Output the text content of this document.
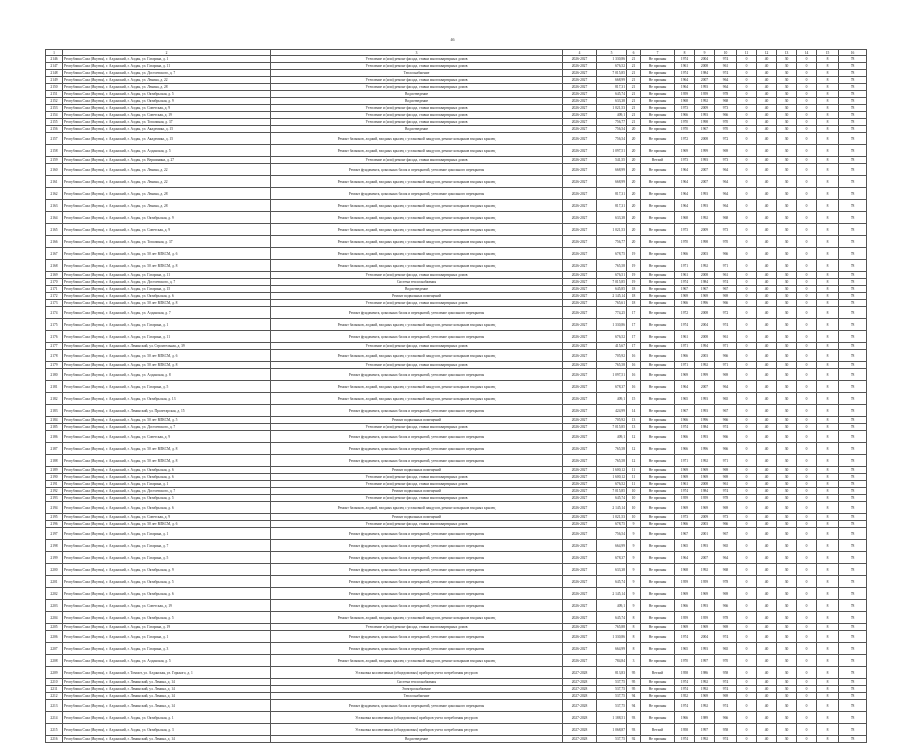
46
1	2	3	4	5	6	7	8	9	10	11	12	13	14	15	16
2146	Республика Саха (Якутия), г. Алданский, г. Алдан, ул. Гагарина, д. 1	Утепление и (или) ремонт фасада, ставки многоквартирных домов	2026-2027	1 330,86	21	Не признан	1974	2004	974	0	40	30	0	8	78
2147	Республика Саха (Якутия), г. Алданский, г. Алдан, ул. Гагарина, д. 11	Утепление и (или) ремонт фасада, ставки многоквартирных домов	2026-2027	676,52	21	Не признан	1961	2008	961	0	40	30	0	8	78
2148	Республика Саха (Якутия), г. Алданский, г. Алдан, ул. Достоевского, д. 7	Теплоснабжение	2026-2027	7 015,85	21	Не признан	1974	1984	974	0	40	30	0	8	78
2149	Республика Саха (Якутия), г. Алданский, г. Алдан, ул. Ленина, д. 22	Утепление и (или) ремонт фасада, ставки многоквартирных домов	2026-2027	668,99	21	Не признан	1964	2007	964	0	40	30	0	8	78
2150	Республика Саха (Якутия), г. Алданский, г. Алдан, ул. Ленина, д. 28	Утепление и (или) ремонт фасада, ставки многоквартирных домов	2026-2027	817,31	21	Не признан	1964	1993	964	0	40	30	0	8	78
2151	Республика Саха (Якутия), г. Алданский, г. Алдан, ул. Октябрьская, д. 5	Водоотведение	2026-2027	645,74	21	Не признан	1959	1959	978	0	40	30	0	8	78
2152	Республика Саха (Якутия), г. Алданский, г. Алдан, ул. Октябрьская, д. 9	Водоотведение	2026-2027	633,38	21	Не признан	1968	1992	968	0	40	30	0	8	78
2153	Республика Саха (Якутия), г. Алданский, г. Алдан, ул. Советская, д. 9	Утепление и (или) ремонт фасада, ставки многоквартирных домов	2026-2027	1 021,53	21	Не признан	1973	2009	973	0	40	30	0	8	78
2154	Республика Саха (Якутия), г. Алданский, г. Алдан, ул. Советская, д. 19	Утепление и (или) ремонт фасада, ставки многоквартирных домов	2026-2027	409,1	21	Не признан	1966	1993	966	0	40	30	0	8	78
2155	Республика Саха (Якутия), г. Алданский, г. Алдан, ул. Тополиная, д. 37	Утепление и (или) ремонт фасада, ставки многоквартирных домов	2026-2027	756,77	21	Не признан	1970	1998	970	0	40	30	0	8	78
2156	Республика Саха (Якутия), г. Алданский, г. Алдан, ул. Академика, д. 15	Водоотведение	2026-2027	756,54	20	Не признан	1970	1967	970	0	40	30	0	8	78
2157	Республика Саха (Якутия), г. Алданский, г. Алдан, ул. Академика, д. 15	Ремонт балконов, лоджий, входных крылец с установкой пандусов, ремонт козырьков входных крылец	2026-2027	756,54	20	Не признан	1972	2008	972	0	40	30	0	8	78
2158	Республика Саха (Якутия), г. Алданский, г. Алдан, ул. Алданская, д. 5	Ремонт балконов, лоджий, входных крылец с установкой пандусов, ремонт козырьков входных крылец	2026-2027	1 097,51	20	Не признан	1969	1999	969	0	40	30	0	8	78
2159	Республика Саха (Якутия), г. Алданский, г. Алдан, ул. Вершинина, д. 27	Утепление и (или) ремонт фасада, ставки многоквартирных домов	2026-2027	541,55	20	Ветхий	1973	1993	973	0	40	30	0	8	78
2160	Республика Саха (Якутия), г. Алданский, г. Алдан, ул. Ленина, д. 22	Ремонт фундамента, цокольных балок и перекрытий, утепление цокольного перекрытия	2026-2027	668,99	20	Не признан	1964	2007	964	0	40	30	0	8	78
2161	Республика Саха (Якутия), г. Алданский, г. Алдан, ул. Ленина, д. 22	Ремонт балконов, лоджий, входных крылец с установкой пандусов, ремонт козырьков входных крылец	2026-2027	668,99	20	Не признан	1964	2007	964	0	40	30	0	8	78
2162	Республика Саха (Якутия), г. Алданский, г. Алдан, ул. Ленина, д. 28	Ремонт фундамента, цокольных балок и перекрытий, утепление цокольного перекрытия	2026-2027	817,31	20	Не признан	1964	1993	964	0	40	30	0	8	78
2163	Республика Саха (Якутия), г. Алданский, г. Алдан, ул. Ленина, д. 28	Ремонт балконов, лоджий, входных крылец с установкой пандусов, ремонт козырьков входных крылец	2026-2027	817,31	20	Не признан	1964	1993	964	0	40	30	0	8	78
2164	Республика Саха (Якутия), г. Алданский, г. Алдан, ул. Октябрьская, д. 9	Ремонт балконов, лоджий, входных крылец с установкой пандусов, ремонт козырьков входных крылец	2026-2027	633,38	20	Не признан	1968	1992	968	0	40	30	0	8	78
2165	Республика Саха (Якутия), г. Алданский, г. Алдан, ул. Советская, д. 9	Ремонт балконов, лоджий, входных крылец с установкой пандусов, ремонт козырьков входных крылец	2026-2027	1 021,53	20	Не признан	1973	2009	973	0	40	30	0	8	78
2166	Республика Саха (Якутия), г. Алданский, г. Алдан, ул. Тополиная, д. 37	Ремонт балконов, лоджий, входных крылец с установкой пандусов, ремонт козырьков входных крылец	2026-2027	756,77	20	Не признан	1970	1998	970	0	40	30	0	8	78
2167	Республика Саха (Якутия), г. Алданский, г. Алдан, ул. 50 лет ВЛКСМ, д. 6	Ремонт балконов, лоджий, входных крылец с установкой пандусов, ремонт козырьков входных крылец	2026-2027	678,75	19	Не признан	1966	2003	966	0	40	30	0	8	78
2168	Республика Саха (Якутия), г. Алданский, г. Алдан, ул. 50 лет ВЛКСМ, д. 8	Ремонт балконов, лоджий, входных крылец с установкой пандусов, ремонт козырьков входных крылец	2026-2027	765,58	19	Не признан	1971	1992	971	0	40	30	0	8	78
2169	Республика Саха (Якутия), г. Алданский, г. Алдан, ул. Гагарина, д. 11	Утепление и (или) ремонт фасада, ставки многоквартирных домов	2026-2027	676,51	19	Не признан	1961	2008	961	0	40	30	0	8	78
2170	Республика Саха (Якутия), г. Алданский, г. Алдан, ул. Достоевского, д. 7	Система теплоснабжения	2026-2027	7 015,85	19	Не признан	1974	1984	974	0	40	30	0	8	78
2171	Республика Саха (Якутия), г. Алданский, г. Алдан, ул. Гагарина, д. 15	Водоотведение	2026-2027	645,85	18	Не признан	1967	1967	967	0	40	30	0	8	78
2172	Республика Саха (Якутия), г. Алданский, г. Алдан, ул. Октябрьская, д. 6	Ремонт подвальных помещений	2026-2027	2 145,14	18	Не признан	1969	1969	969	0	40	30	0	8	78
2173	Республика Саха (Якутия), г. Алданский, г. Алдан, ул. 50 лет ВЛКСМ, д. 8	Утепление и (или) ремонт фасада, ставки многоквартирных домов	2026-2027	765,61	18	Не признан	1966	1996	966	0	40	30	0	8	78
2174	Республика Саха (Якутия), г. Алданский, г. Алдан, ул. Алданская, д. 7	Ремонт фундамента, цокольных балок и перекрытий, утепление цокольного перекрытия	2026-2027	774,25	17	Не признан	1972	2008	972	0	40	30	0	8	78
2175	Республика Саха (Якутия), г. Алданский, г. Алдан, ул. Гагарина, д. 1	Ремонт балконов, лоджий, входных крылец с установкой пандусов, ремонт козырьков входных крылец	2026-2027	1 330,86	17	Не признан	1974	2004	974	0	40	30	0	8	78
2176	Республика Саха (Якутия), г. Алданский, г. Алдан, ул. Гагарина, д. 11	Ремонт фундамента, цокольных балок и перекрытий, утепление цокольного перекрытия	2026-2027	676,52	17	Не признан	1961	2008	961	0	40	30	0	8	78
2177	Республика Саха (Якутия), г. Алданский, г. Ленинский, ул. Строительная, д. 39	Утепление и (или) ремонт фасада, ставки многоквартирных домов	2026-2027	415,67	17	Не признан	1971	1994	971	0	40	30	0	8	78
2178	Республика Саха (Якутия), г. Алданский, г. Алдан, ул. 50 лет ВЛКСМ, д. 6	Ремонт балконов, лоджий, входных крылец с установкой пандусов, ремонт козырьков входных крылец	2026-2027	705,92	16	Не признан	1966	2003	966	0	40	30	0	8	78
2179	Республика Саха (Якутия), г. Алданский, г. Алдан, ул. 50 лет ВЛКСМ, д. 8	Утепление и (или) ремонт фасада, ставки многоквартирных домов	2026-2027	765,58	16	Не признан	1971	1992	971	0	40	30	0	8	78
2180	Республика Саха (Якутия), г. Алданский, г. Алдан, ул. Алданская, д. 8	Ремонт фундамента, цокольных балок и перекрытий, утепление цокольного перекрытия	2026-2027	1 097,51	16	Не признан	1969	1999	969	0	40	30	0	8	78
2181	Республика Саха (Якутия), г. Алданский, г. Алдан, ул. Гагарина, д. 5	Ремонт балконов, лоджий, входных крылец с установкой пандусов, ремонт козырьков входных крылец	2026-2027	678,37	16	Не признан	1964	2007	964	0	40	30	0	8	78
2182	Республика Саха (Якутия), г. Алданский, г. Алдан, ул. Октябрьская, д. 13	Ремонт балконов, лоджий, входных крылец с установкой пандусов, ремонт козырьков входных крылец	2026-2027	409,1	15	Не признан	1965	1993	965	0	40	30	0	8	78
2183	Республика Саха (Якутия), г. Алданский, г. Ленинский, ул. Пролетарская, д. 15	Ремонт фундамента, цокольных балок и перекрытий, утепление цокольного перекрытия	2026-2027	424,99	14	Не признан	1967	1993	967	0	40	30	0	8	78
2184	Республика Саха (Якутия), г. Алданский, г. Алдан, ул. 50 лет ВЛКСМ, д. 5	Ремонт подвальных помещений	2026-2027	705,92	13	Не признан	1966	1996	966	0	40	30	0	8	78
2185	Республика Саха (Якутия), г. Алданский, г. Алдан, ул. Достоевского, д. 7	Утепление и (или) ремонт фасада, ставки многоквартирных домов	2026-2027	7 015,85	13	Не признан	1974	1984	974	0	40	30	0	8	78
2186	Республика Саха (Якутия), г. Алданский, г. Алдан, ул. Советская, д. 9	Ремонт фундамента, цокольных балок и перекрытий, утепление цокольного перекрытия	2026-2027	409,1	12	Не признан	1966	1993	966	0	40	30	0	8	78
2187	Республика Саха (Якутия), г. Алданский, г. Алдан, ул. 50 лет ВЛКСМ, д. 8	Ремонт фундамента, цокольных балок и перекрытий, утепление цокольного перекрытия	2026-2027	765,58	12	Не признан	1966	1996	966	0	40	30	0	8	78
2188	Республика Саха (Якутия), г. Алданский, г. Алдан, ул. 50 лет ВЛКСМ, д. 8	Ремонт фундамента, цокольных балок и перекрытий, утепление цокольного перекрытия	2026-2027	765,58	12	Не признан	1971	1992	971	0	40	30	0	8	78
2189	Республика Саха (Якутия), г. Алданский, г. Алдан, ул. Октябрьская, д. 6	Ремонт подвальных помещений	2026-2027	1 600,12	11	Не признан	1969	1969	969	0	40	30	0	8	78
2190	Республика Саха (Якутия), г. Алданский, г. Алдан, ул. Октябрьская, д. 6	Утепление и (или) ремонт фасада, ставки многоквартирных домов	2026-2027	1 600,12	11	Не признан	1969	1969	969	0	40	30	0	8	78
2191	Республика Саха (Якутия), г. Алданский, г. Алдан, ул. Гагарина, д. 1	Утепление и (или) ремонт фасада, ставки многоквартирных домов	2026-2027	676,52	11	Не признан	1961	2008	961	0	40	30	0	8	78
2192	Республика Саха (Якутия), г. Алданский, г. Алдан, ул. Достоевского, д. 7	Ремонт подвальных помещений	2026-2027	7 015,85	10	Не признан	1974	1984	974	0	40	30	0	8	78
2193	Республика Саха (Якутия), г. Алданский, г. Алдан, ул. Октябрьская, д. 5	Утепление и (или) ремонт фасада, ставки многоквартирных домов	2026-2027	645,74	10	Не признан	1959	1959	978	0	40	30	0	8	78
2194	Республика Саха (Якутия), г. Алданский, г. Алдан, ул. Октябрьская, д. 6	Ремонт балконов, лоджий, входных крылец с установкой пандусов, ремонт козырьков входных крылец	2026-2027	2 145,14	10	Не признан	1969	1969	969	0	40	30	0	8	78
2195	Республика Саха (Якутия), г. Алданский, г. Алдан, ул. Советская, д. 9	Ремонт подвальных помещений	2026-2027	1 021,53	10	Не признан	1973	2009	973	0	40	30	0	8	78
2196	Республика Саха (Якутия), г. Алданский, г. Алдан, ул. 50 лет ВЛКСМ, д. 6	Утепление и (или) ремонт фасада, ставки многоквартирных домов	2026-2027	678,75	9	Не признан	1966	2003	966	0	40	30	0	8	78
2197	Республика Саха (Якутия), г. Алданский, г. Алдан, ул. Гагарина, д. 1	Ремонт фундамента, цокольных балок и перекрытий, утепление цокольного перекрытия	2026-2027	756,54	9	Не признан	1967	2001	967	0	40	30	0	8	78
2198	Республика Саха (Якутия), г. Алданский, г. Алдан, ул. Гагарина, д. 7	Ремонт фундамента, цокольных балок и перекрытий, утепление цокольного перекрытия	2026-2027	664,99	9	Не признан	1965	1993	965	0	40	30	0	8	78
2199	Республика Саха (Якутия), г. Алданский, г. Алдан, ул. Гагарина, д. 5	Ремонт фундамента, цокольных балок и перекрытий, утепление цокольного перекрытия	2026-2027	678,37	9	Не признан	1964	2007	964	0	40	30	0	8	78
2200	Республика Саха (Якутия), г. Алданский, г. Алдан, ул. Октябрьская, д. 9	Ремонт фундамента, цокольных балок и перекрытий, утепление цокольного перекрытия	2026-2027	633,38	9	Не признан	1968	1992	968	0	40	30	0	8	78
2201	Республика Саха (Якутия), г. Алданский, г. Алдан, ул. Октябрьская, д. 5	Ремонт фундамента, цокольных балок и перекрытий, утепление цокольного перекрытия	2026-2027	645,74	9	Не признан	1959	1959	978	0	40	30	0	8	78
2202	Республика Саха (Якутия), г. Алданский, г. Алдан, ул. Октябрьская, д. 6	Ремонт фундамента, цокольных балок и перекрытий, утепление цокольного перекрытия	2026-2027	2 145,14	9	Не признан	1969	1969	969	0	40	30	0	8	78
2203	Республика Саха (Якутия), г. Алданский, г. Алдан, ул. Советская, д. 19	Ремонт фундамента, цокольных балок и перекрытий, утепление цокольного перекрытия	2026-2027	409,1	9	Не признан	1966	1993	966	0	40	30	0	8	78
2204	Республика Саха (Якутия), г. Алданский, г. Алдан, ул. Октябрьская, д. 5	Ремонт балконов, лоджий, входных крылец с установкой пандусов, ремонт козырьков входных крылец	2026-2027	645,74	8	Не признан	1959	1959	978	0	40	30	0	8	78
2205	Республика Саха (Якутия), г. Алданский, г. Алдан, ул. Гагарина, д. 19	Утепление и (или) ремонт фасада, ставки многоквартирных домов	2026-2027	765,88	8	Не признан	1969	1969	969	0	40	30	0	8	78
2206	Республика Саха (Якутия), г. Алданский, г. Алдан, ул. Гагарина, д. 1	Ремонт фундамента, цокольных балок и перекрытий, утепление цокольного перекрытия	2026-2027	1 330,86	8	Не признан	1974	2004	974	0	40	30	0	8	78
2207	Республика Саха (Якутия), г. Алданский, г. Алдан, ул. Гагарина, д. 3	Ремонт фундамента, цокольных балок и перекрытий, утепление цокольного перекрытия	2026-2027	664,99	8	Не признан	1965	1993	965	0	40	30	0	8	78
2208	Республика Саха (Якутия), г. Алданский, г. Алдан, ул. Алданская, д. 5	Ремонт балконов, лоджий, входных крылец с установкой пандусов, ремонт козырьков входных крылец	2026-2027	784,84	3	Не признан	1970	1997	970	0	40	30	0	8	78
2209	Республика Саха (Якутия), г. Алданский, г. Томмот, ул. Алданская, ул. Горького, д. 1	Установка коллективных (общедомовых) приборов учета потребления ресурсов	2027-2028	813,83	95	Ветхий	1958	1986	958	0	40	30	0	8	78
2210	Республика Саха (Якутия), г. Алданский, г. Ленинский, ул. Ленина, д. 14	Система теплоснабжения	2027-2028	537,75	95	Не признан	1974	1992	974	0	40	30	0	8	78
2211	Республика Саха (Якутия), г. Алданский, г. Ленинский, ул. Ленина, д. 14	Электроснабжение	2027-2028	537,75	95	Не признан	1974	1992	974	0	40	30	0	8	78
2212	Республика Саха (Якутия), г. Алданский, г. Ленинский, ул. Ленина, д. 14	Теплоснабжение	2027-2028	537,75	94	Не признан	1952	1969	969	0	40	30	0	8	78
2213	Республика Саха (Якутия), г. Алданский, г. Ленинский, ул. Ленина, д. 14	Ремонт фундамента, цокольных балок и перекрытий, утепление цокольного перекрытия	2027-2028	537,75	94	Не признан	1974	1992	974	0	40	30	0	8	78
2214	Республика Саха (Якутия), г. Алданский, г. Алдан, ул. Октябрьская, д. 1	Установка коллективных (общедомовых) приборов учета потребления ресурсов	2027-2028	1 188,51	93	Не признан	1966	1989	966	0	40	30	0	8	78
2215	Республика Саха (Якутия), г. Алданский, г. Алдан, ул. Октябрьская, д. 3	Установка коллективных (общедомовых) приборов учета потребления ресурсов	2027-2028	1 068,87	93	Ветхий	1958	1997	958	0	40	30	0	8	78
2216	Республика Саха (Якутия), г. Алданский, г. Ленинский, ул. Ленина, д. 14	Водоотведение	2027-2028	537,75	92	Не признан	1974	1992	974	0	40	30	0	8	78
